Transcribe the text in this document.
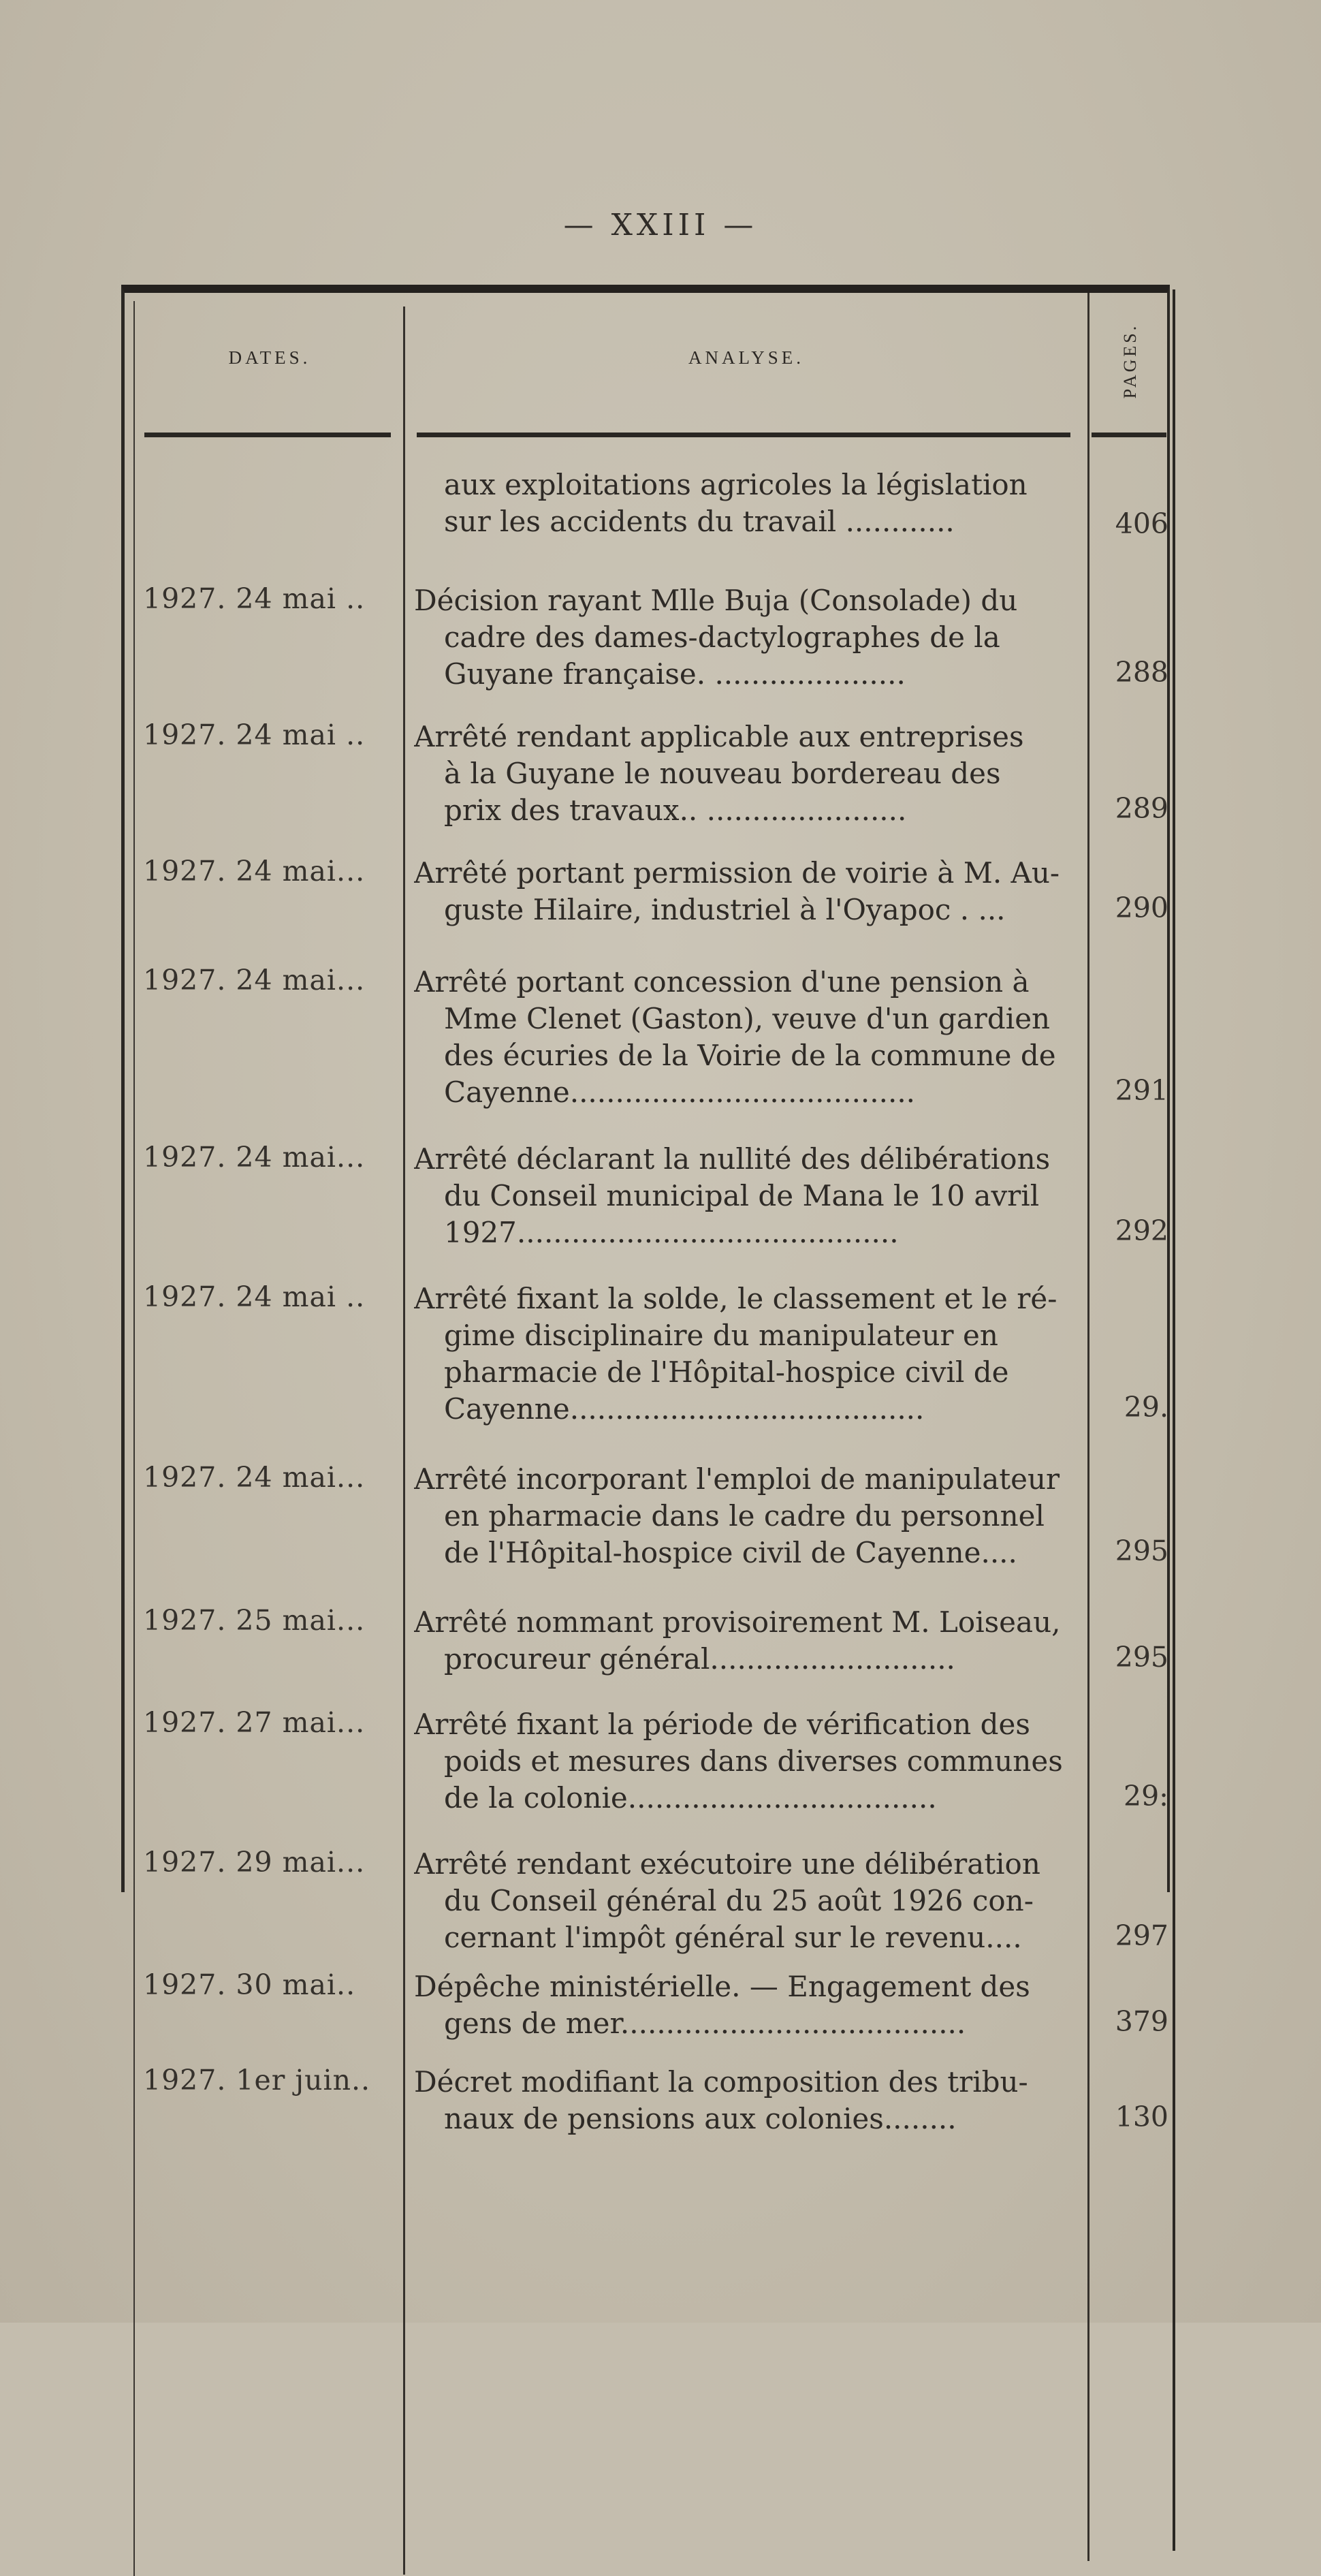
— XXIII —
DATES.	ANALYSE.	PAGES.
aux exploitations agricoles la législation
sur les accidents du travail ............	406
1927. 24 mai ..	Décision rayant Mlle Buja (Consolade) du
cadre des dames-dactylographes de la
Guyane française. .....................	288
1927. 24 mai ..	Arrêté rendant applicable aux entreprises
à la Guyane le nouveau bordereau des
prix des travaux.. ......................	289
1927. 24 mai...	Arrêté portant permission de voirie à M. Au-
guste Hilaire, industriel à l'Oyapoc . ...	290
1927. 24 mai...	Arrêté portant concession d'une pension à
Mme Clenet (Gaston), veuve d'un gardien
des écuries de la Voirie de la commune de
Cayenne......................................	291
1927. 24 mai...	Arrêté déclarant la nullité des délibérations
du Conseil municipal de Mana le 10 avril
1927..........................................	292
1927. 24 mai ..	Arrêté fixant la solde, le classement et le ré-
gime disciplinaire du manipulateur en
pharmacie de l'Hôpital-hospice civil de
Cayenne.......................................	29.
1927. 24 mai...	Arrêté incorporant l'emploi de manipulateur
en pharmacie dans le cadre du personnel
de l'Hôpital-hospice civil de Cayenne....	295
1927. 25 mai...	Arrêté nommant provisoirement M. Loiseau,
procureur général...........................	295
1927. 27 mai...	Arrêté fixant la période de vérification des
poids et mesures dans diverses communes
de la colonie..................................	29:
1927. 29 mai...	Arrêté rendant exécutoire une délibération
du Conseil général du 25 août 1926 con-
cernant l'impôt général sur le revenu....	297
1927. 30 mai..	Dépêche ministérielle. — Engagement des
gens de mer......................................	379
1927. 1er juin..	Décret modifiant la composition des tribu-
naux de pensions aux colonies........	130
